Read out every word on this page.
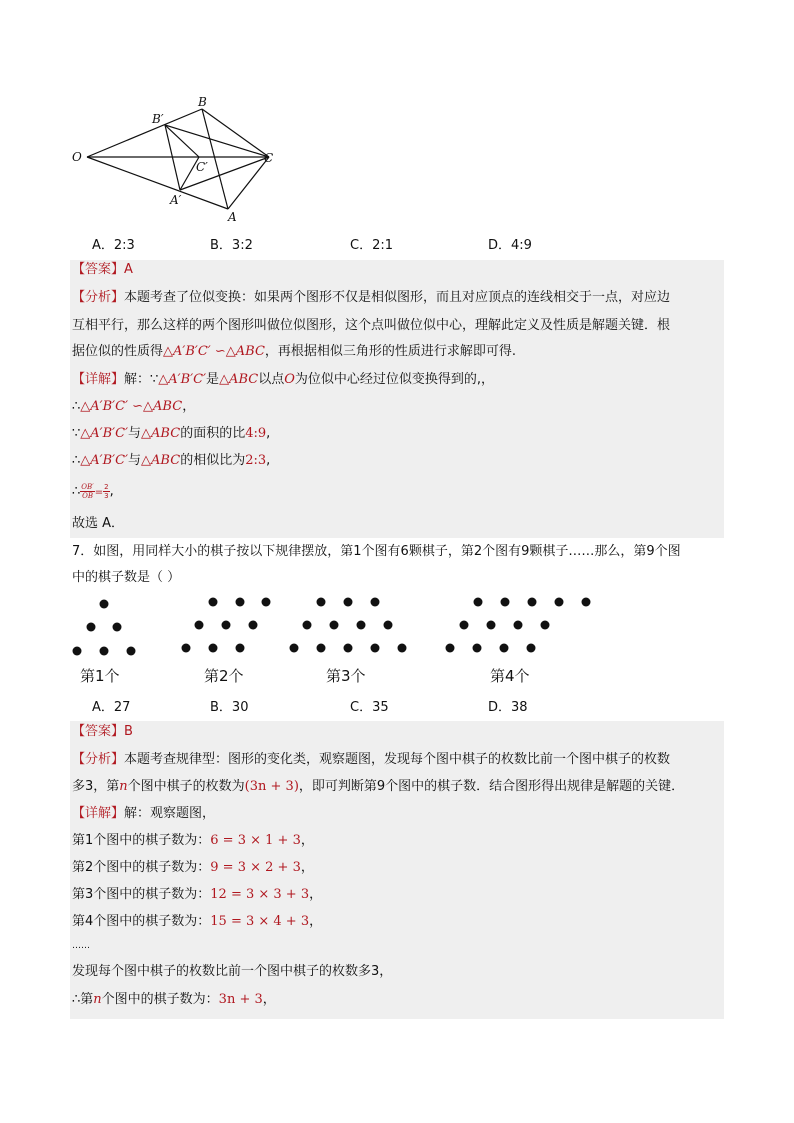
O
B′
B
C′
C
A′
A
A．2:3	B．3:2	C．2:1	D．4:9
【答案】A
【分析】本题考查了位似变换：如果两个图形不仅是相似图形，而且对应顶点的连线相交于一点，对应边
互相平行，那么这样的两个图形叫做位似图形，这个点叫做位似中心，理解此定义及性质是解题关键．根
据位似的性质得△A′B′C′ ∽△ABC，再根据相似三角形的性质进行求解即可得.
【详解】解：∵△A′B′C′是△ABC以点O为位似中心经过位似变换得到的,，
∴△A′B′C′ ∽△ABC，
∵△A′B′C′与△ABC的面积的比4:9,
∴△A′B′C′与△ABC的相似比为2:3,
∴ $\frac{OB'}{OB} = \frac{2}{3}$ ,
故选 A．
7．如图，用同样大小的棋子按以下规律摆放，第1个图有6颗棋子，第2个图有9颗棋子……那么，第9个图
中的棋子数是（ ）
第1个	第2个	第3个	第4个
A．27	B．30	C．35	D．38
【答案】B
【分析】本题考查规律型：图形的变化类，观察题图，发现每个图中棋子的枚数比前一个图中棋子的枚数
多3，第n个图中棋子的枚数为(3n + 3)，即可判断第9个图中的棋子数．结合图形得出规律是解题的关键．
【详解】解：观察题图，
第1个图中的棋子数为：6 = 3 × 1 + 3，
第2个图中的棋子数为：9 = 3 × 2 + 3，
第3个图中的棋子数为：12 = 3 × 3 + 3，
第4个图中的棋子数为：15 = 3 × 4 + 3，
……
发现每个图中棋子的枚数比前一个图中棋子的枚数多3，
∴第n个图中的棋子数为：3n + 3，
